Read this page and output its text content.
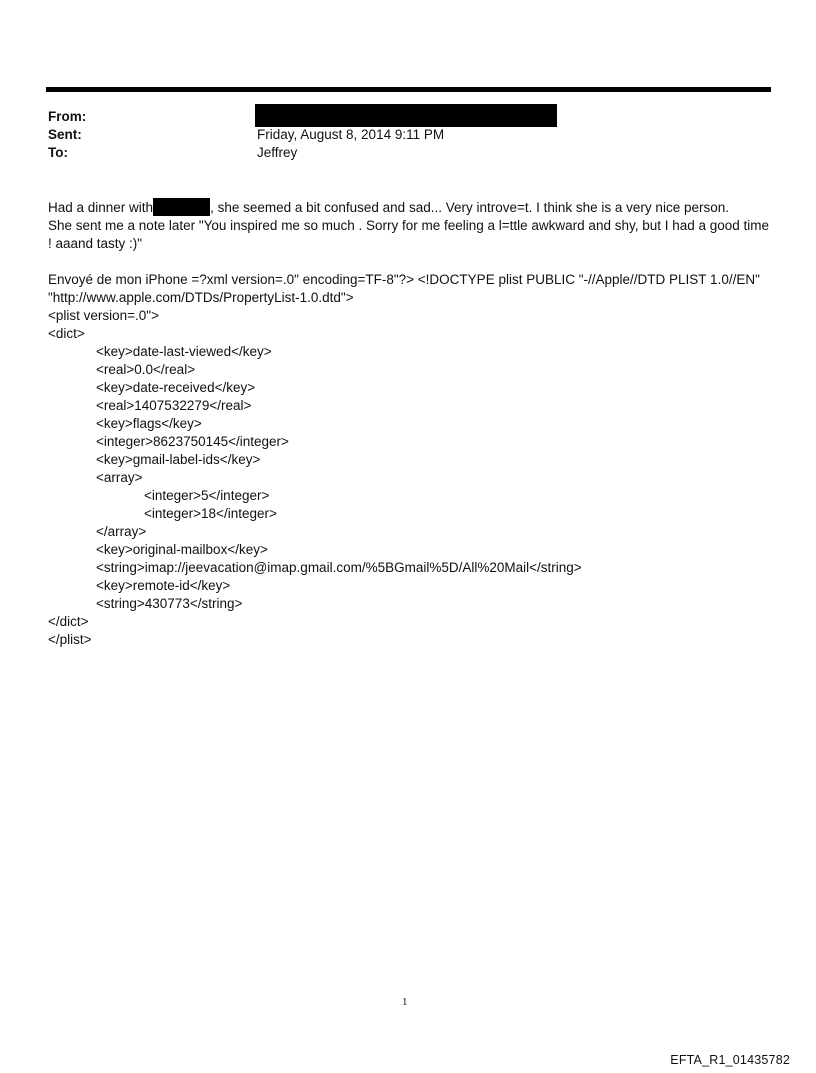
From:
Sent:	Friday, August 8, 2014 9:11 PM
To:	Jeffrey

Had a dinner with	, she seemed a bit confused and sad... Very introve=t. I think she is a very nice person.

She sent me a note later "You inspired me so much . Sorry for me feeling a l=ttle awkward and shy, but I had a good time ! aaand tasty :)"

Envoyé de mon iPhone =?xml version=.0" encoding=TF-8"?> <!DOCTYPE plist PUBLIC "-//Apple//DTD PLIST 1.0//EN"

"http://www.apple.com/DTDs/PropertyList-1.0.dtd">

<plist version=.0">

<dict>

<key>date-last-viewed</key>

<real>0.0</real>

<key>date-received</key>

<real>1407532279</real>

<key>flags</key>

<integer>8623750145</integer>

<key>gmail-label-ids</key>

<array>

<integer>5</integer>

<integer>18</integer>

</array>

<key>original-mailbox</key>

<string>imap://jeevacation@imap.gmail.com/%5BGmail%5D/All%20Mail</string>

<key>remote-id</key>

<string>430773</string>

</dict>

</plist>

1
EFTA_R1_01435782
